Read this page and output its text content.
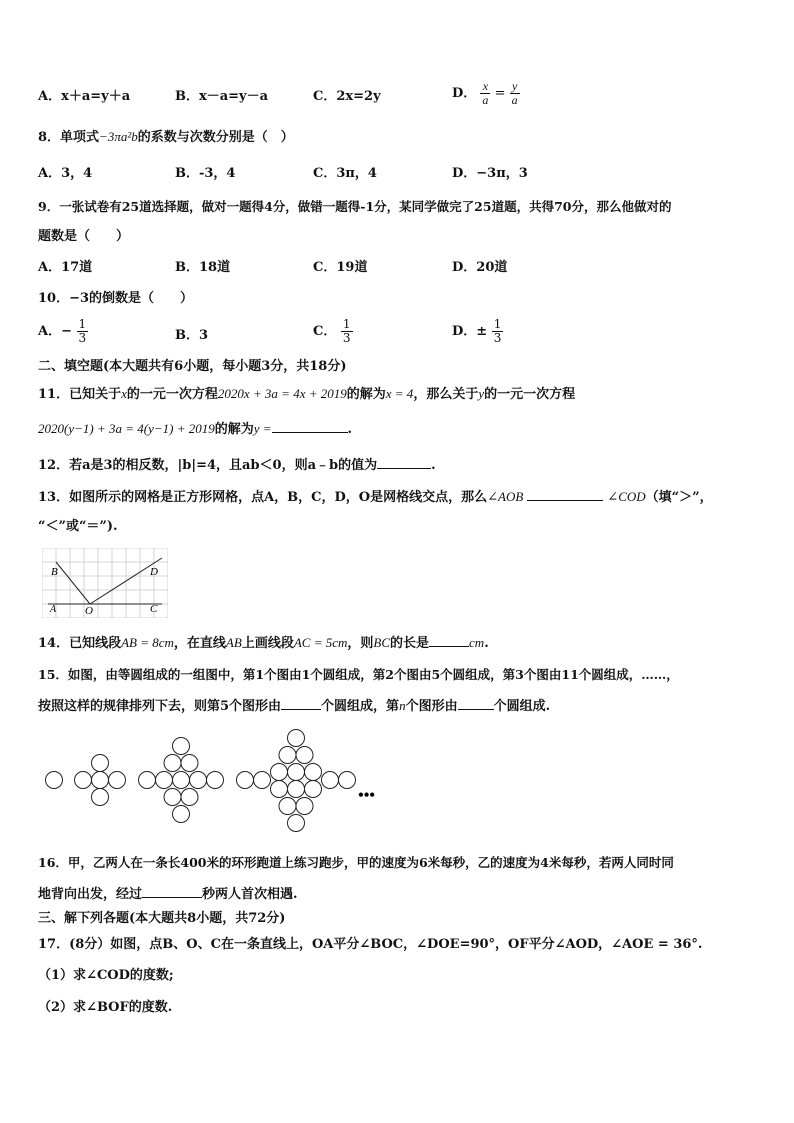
A．x＋a=y＋a	B．x－a=y－a	C．2x=2y	D． $\frac{x}{a} = \frac{y}{a}$
8．单项式−3πa²b的系数与次数分别是（　）
A．3，4	B．-3，4	C．3π，4	D．−3π，3
9．一张试卷有25道选择题，做对一题得4分，做错一题得-1分，某同学做完了25道题，共得70分，那么他做对的
题数是（　　）
A．17道	B．18道	C．19道	D．20道
10．−3的倒数是（　　）
A．− $\frac{1}{3}$	B．3	C． $\frac{1}{3}$	D．± $\frac{1}{3}$
二、填空题(本大题共有6小题，每小题3分，共18分)
11．已知关于x的一元一次方程2020x + 3a = 4x + 2019的解为x = 4，那么关于y的一元一次方程
2020(y−1) + 3a = 4(y−1) + 2019的解为y =	.
12．若a是3的相反数，|b|=4，且ab＜0，则a﹣b的值为	.
13．如图所示的网格是正方形网格，点A，B，C，D，O是网格线交点，那么∠AOB	∠COD（填“＞”，
“＜”或“＝”).
B	D
A	O	C
14．已知线段AB = 8cm，在直线AB上画线段AC = 5cm，则BC的长是	cm.
15．如图，由等圆组成的一组图中，第1个图由1个圆组成，第2个图由5个圆组成，第3个图由11个圆组成，……，
按照这样的规律排列下去，则第5个图形由	个圆组成，第n个图形由	个圆组成.
•••
16．甲，乙两人在一条长400米的环形跑道上练习跑步，甲的速度为6米每秒，乙的速度为4米每秒，若两人同时同
地背向出发，经过	秒两人首次相遇.
三、解下列各题(本大题共8小题，共72分)
17．(8分）如图，点B、O、C在一条直线上，OA平分∠BOC，∠DOE=90°，OF平分∠AOD，∠AOE = 36°.
（1）求∠COD的度数;
（2）求∠BOF的度数.
